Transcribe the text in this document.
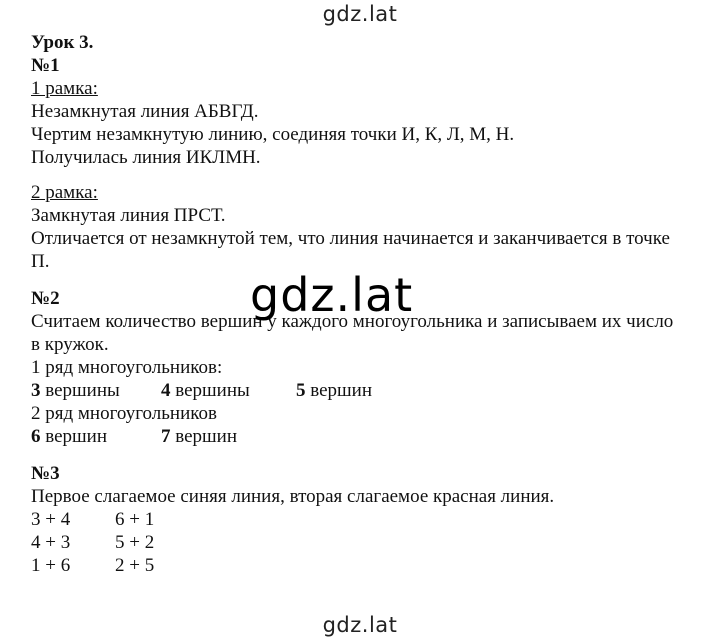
gdz.lat
Урок 3.
№1
1 рамка:
Незамкнутая линия АБВГД.
Чертим незамкнутую линию, соединяя точки И, К, Л, М, Н.
Получилась линия ИКЛМН.
2 рамка:
Замкнутая линия ПРСТ.
Отличается от незамкнутой тем, что линия начинается и заканчивается в точке
П.
№2
Считаем количество вершин у каждого многоугольника и записываем их число
в кружок.
1 ряд многоугольников:
3 вершины 4 вершины 5 вершин
2 ряд многоугольников
6 вершин	7 вершин
№3
Первое слагаемое синяя линия, вторая слагаемое красная линия.
3 + 4 6 + 1
4 + 3 5 + 2
1 + 6 2 + 5
gdz.lat
gdz.lat
